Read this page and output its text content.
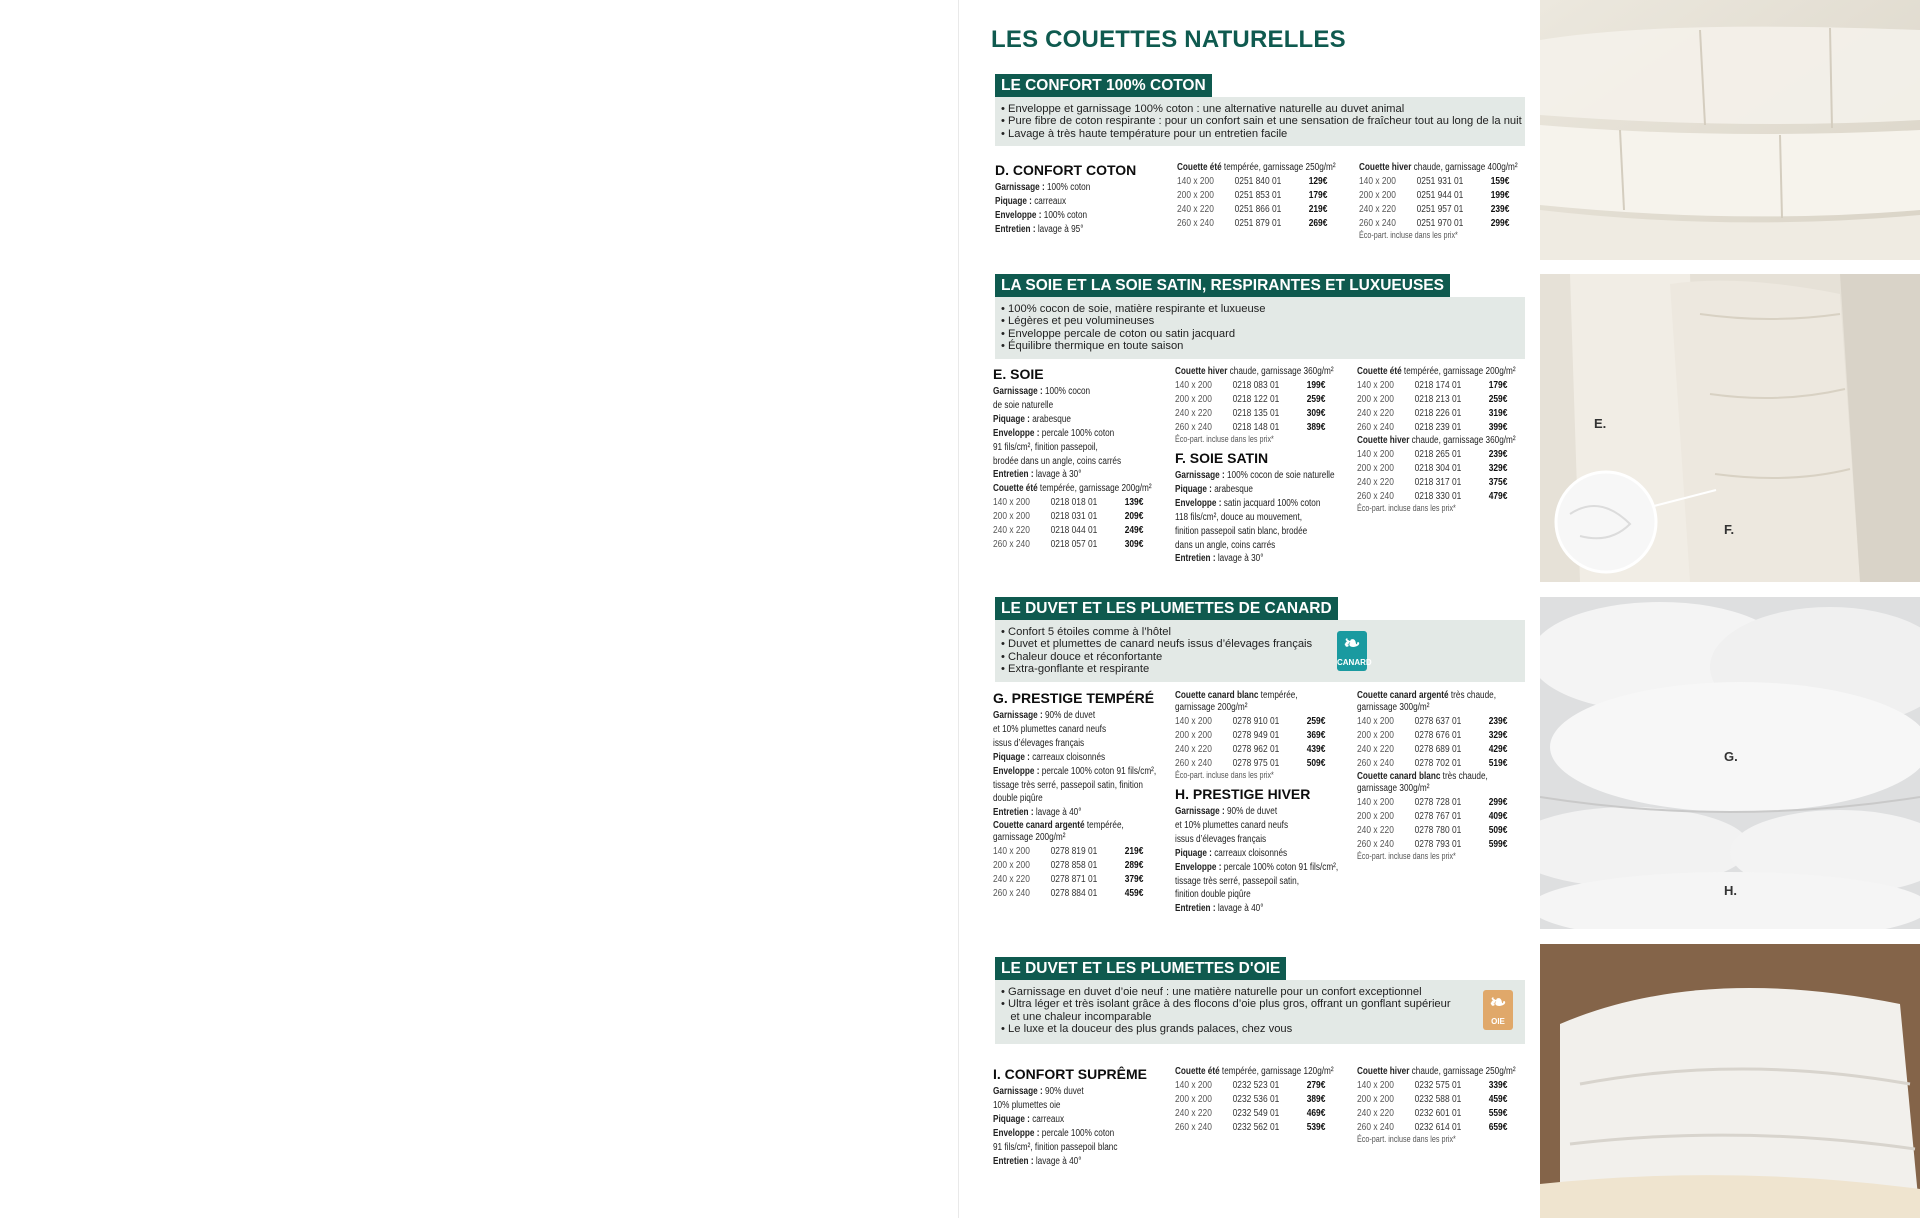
LES COUETTES NATURELLES
LE CONFORT 100% COTON
• Enveloppe et garnissage 100% coton : une alternative naturelle au duvet animal
• Pure fibre de coton respirante : pour un confort sain et une sensation de fraîcheur tout au long de la nuit
• Lavage à très haute température pour un entretien facile
D. CONFORT COTON
Garnissage : 100% coton
Piquage : carreaux
Enveloppe : 100% coton
Entretien : lavage à 95°
Couette été tempérée, garnissage 250g/m²
140 x 200	0251 840 01	129€
200 x 200	0251 853 01	179€
240 x 220	0251 866 01	219€
260 x 240	0251 879 01	269€
Couette hiver chaude, garnissage 400g/m²
140 x 200	0251 931 01	159€
200 x 200	0251 944 01	199€
240 x 220	0251 957 01	239€
260 x 240	0251 970 01	299€
Éco-part. incluse dans les prix*
LA SOIE ET LA SOIE SATIN, RESPIRANTES ET LUXUEUSES
• 100% cocon de soie, matière respirante et luxueuse
• Légères et peu volumineuses
• Enveloppe percale de coton ou satin jacquard
• Équilibre thermique en toute saison
E. SOIE
Garnissage : 100% cocon
de soie naturelle
Piquage : arabesque
Enveloppe : percale 100% coton
91 fils/cm², finition passepoil,
brodée dans un angle, coins carrés
Entretien : lavage à 30°
Couette été tempérée, garnissage 200g/m²
140 x 200	0218 018 01	139€
200 x 200	0218 031 01	209€
240 x 220	0218 044 01	249€
260 x 240	0218 057 01	309€
Couette hiver chaude, garnissage 360g/m²
140 x 200	0218 083 01	199€
200 x 200	0218 122 01	259€
240 x 220	0218 135 01	309€
260 x 240	0218 148 01	389€
Éco-part. incluse dans les prix*
F. SOIE SATIN
Garnissage : 100% cocon de soie naturelle
Piquage : arabesque
Enveloppe : satin jacquard 100% coton
118 fils/cm², douce au mouvement,
finition passepoil satin blanc, brodée
dans un angle, coins carrés
Entretien : lavage à 30°
Couette été tempérée, garnissage 200g/m²
140 x 200	0218 174 01	179€
200 x 200	0218 213 01	259€
240 x 220	0218 226 01	319€
260 x 240	0218 239 01	399€
Couette hiver chaude, garnissage 360g/m²
140 x 200	0218 265 01	239€
200 x 200	0218 304 01	329€
240 x 220	0218 317 01	375€
260 x 240	0218 330 01	479€
Éco-part. incluse dans les prix*
LE DUVET ET LES PLUMETTES DE CANARD
• Confort 5 étoiles comme à l’hôtel
• Duvet et plumettes de canard neufs issus d’élevages français
• Chaleur douce et réconfortante
• Extra-gonflante et respirante
❧
CANARD
G. PRESTIGE TEMPÉRÉ
Garnissage : 90% de duvet
et 10% plumettes canard neufs
issus d’élevages français
Piquage : carreaux cloisonnés
Enveloppe : percale 100% coton 91 fils/cm²,
tissage très serré, passepoil satin, finition
double piqûre
Entretien : lavage à 40°
Couette canard argenté tempérée,
garnissage 200g/m²
140 x 200	0278 819 01	219€
200 x 200	0278 858 01	289€
240 x 220	0278 871 01	379€
260 x 240	0278 884 01	459€
Couette canard blanc tempérée,
garnissage 200g/m²
140 x 200	0278 910 01	259€
200 x 200	0278 949 01	369€
240 x 220	0278 962 01	439€
260 x 240	0278 975 01	509€
Éco-part. incluse dans les prix*
H. PRESTIGE HIVER
Garnissage : 90% de duvet
et 10% plumettes canard neufs
issus d’élevages français
Piquage : carreaux cloisonnés
Enveloppe : percale 100% coton 91 fils/cm²,
tissage très serré, passepoil satin,
finition double piqûre
Entretien : lavage à 40°
Couette canard argenté très chaude,
garnissage 300g/m²
140 x 200	0278 637 01	239€
200 x 200	0278 676 01	329€
240 x 220	0278 689 01	429€
260 x 240	0278 702 01	519€
Couette canard blanc très chaude,
garnissage 300g/m²
140 x 200	0278 728 01	299€
200 x 200	0278 767 01	409€
240 x 220	0278 780 01	509€
260 x 240	0278 793 01	599€
Éco-part. incluse dans les prix*
LE DUVET ET LES PLUMETTES D'OIE
• Garnissage en duvet d’oie neuf : une matière naturelle pour un confort exceptionnel
• Ultra léger et très isolant grâce à des flocons d’oie plus gros, offrant un gonflant supérieur
et une chaleur incomparable
• Le luxe et la douceur des plus grands palaces, chez vous
❧
OIE
I. CONFORT SUPRÊME
Garnissage : 90% duvet
10% plumettes oie
Piquage : carreaux
Enveloppe : percale 100% coton
91 fils/cm², finition passepoil blanc
Entretien : lavage à 40°
Couette été tempérée, garnissage 120g/m²
140 x 200	0232 523 01	279€
200 x 200	0232 536 01	389€
240 x 220	0232 549 01	469€
260 x 240	0232 562 01	539€
Couette hiver chaude, garnissage 250g/m²
140 x 200	0232 575 01	339€
200 x 200	0232 588 01	459€
240 x 220	0232 601 01	559€
260 x 240	0232 614 01	659€
Éco-part. incluse dans les prix*
E.
F.
G.
H.
